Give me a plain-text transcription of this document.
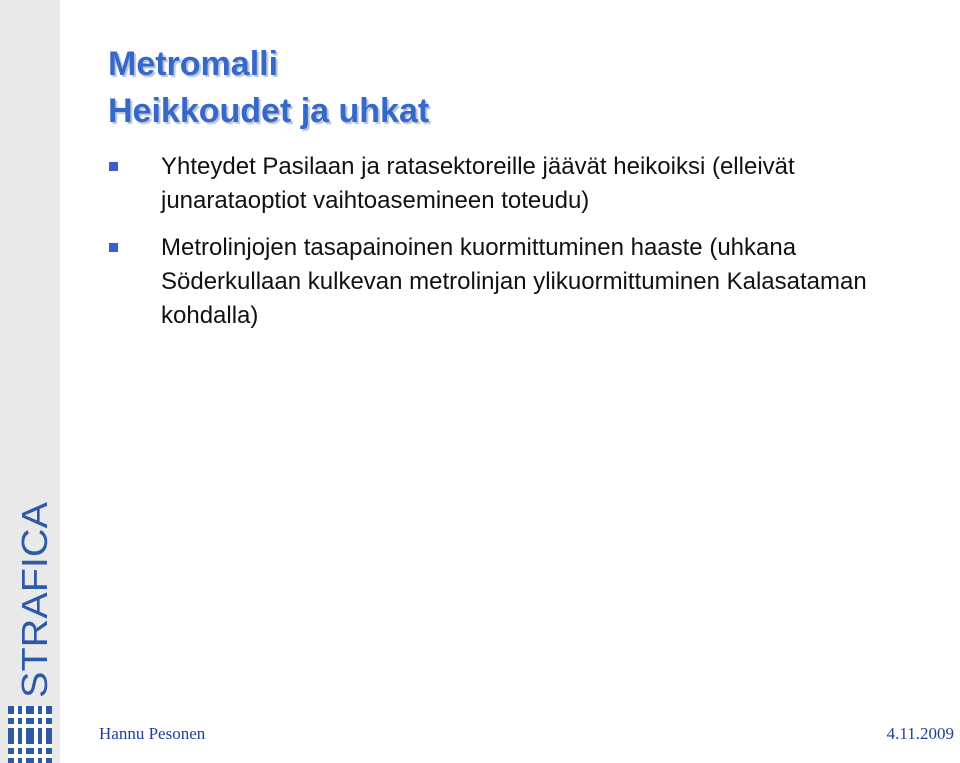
STRAFICA
Metromalli
Heikkoudet ja uhkat
Yhteydet Pasilaan ja ratasektoreille jäävät heikoiksi (elleivät junarataoptiot vaihtoasemineen toteudu)
Metrolinjojen tasapainoinen kuormittuminen haaste (uhkana Söderkullaan kulkevan metrolinjan ylikuormittuminen Kalasataman kohdalla)
Hannu Pesonen	4.11.2009
